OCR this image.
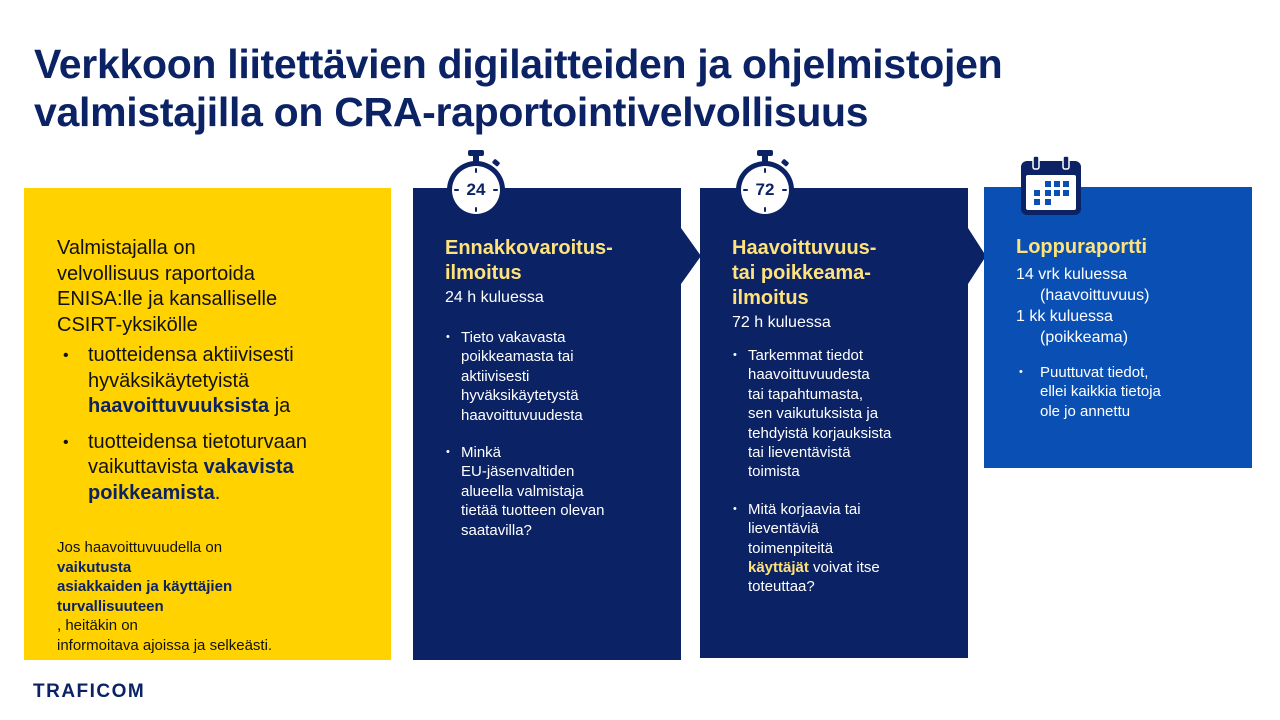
Verkkoon liitettävien digilaitteiden ja ohjelmistojen
valmistajilla on CRA-raportointivelvollisuus
Valmistajalla on
velvollisuus raportoida
ENISA:lle ja kansalliselle
CSIRT-yksikölle
• tuotteidensa aktiivisesti
hyväksikäytetyistä
haavoittuvuuksista ja
• tuotteidensa tietoturvaan
vaikuttavista vakavista
poikkeamista.
Jos haavoittuvuudella on
vaikutusta
asiakkaiden ja käyttäjien
turvallisuuteen
, heitäkin on
informoitava ajoissa ja selkeästi.
Ennakkovaroitus-
ilmoitus
24 h kuluessa
• Tieto vakavasta
poikkeamasta tai
aktiivisesti
hyväksikäytetystä
haavoittuvuudesta
• Minkä
EU-jäsenvaltiden
alueella valmistaja
tietää tuotteen olevan
saatavilla?
Haavoittuvuus-
tai poikkeama-
ilmoitus
72 h kuluessa
• Tarkemmat tiedot
haavoittuvuudesta
tai tapahtumasta,
sen vaikutuksista ja
tehdyistä korjauksista
tai lieventävistä
toimista
• Mitä korjaavia tai
lieventäviä
toimenpiteitä
käyttäjät voivat itse
toteuttaa?
Loppuraportti
14 vrk kuluessa
(haavoittuvuus)
1 kk kuluessa
(poikkeama)
• Puuttuvat tiedot,
ellei kaikkia tietoja
ole jo annettu
24	72
TRAFICOM
